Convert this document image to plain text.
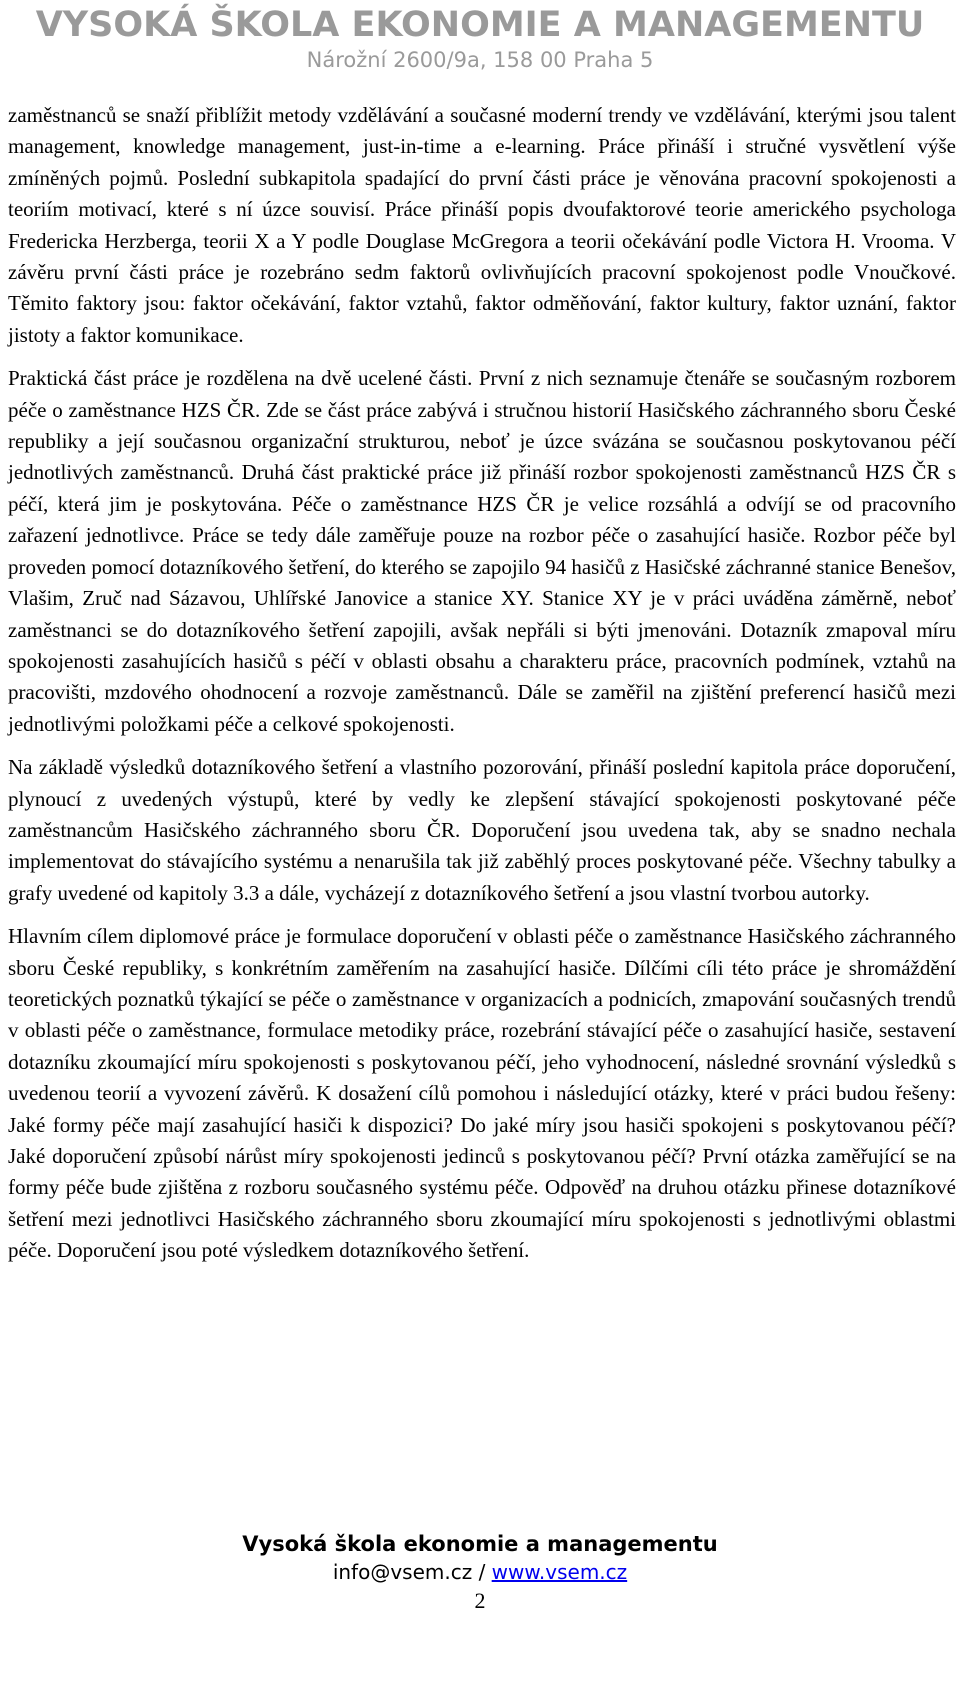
VYSOKÁ ŠKOLA EKONOMIE A MANAGEMENTU
Nárožní 2600/9a, 158 00 Praha 5

zaměstnanců se snaží přiblížit metody vzdělávání a současné moderní trendy ve vzdělávání, kterými jsou talent management, knowledge management, just-in-time a e-learning. Práce přináší i stručné vysvětlení výše zmíněných pojmů. Poslední subkapitola spadající do první části práce je věnována pracovní spokojenosti a teoriím motivací, které s ní úzce souvisí. Práce přináší popis dvoufaktorové teorie amerického psychologa Fredericka Herzberga, teorii X a Y podle Douglase McGregora a teorii očekávání podle Victora H. Vrooma. V závěru první části práce je rozebráno sedm faktorů ovlivňujících pracovní spokojenost podle Vnoučkové. Těmito faktory jsou: faktor očekávání, faktor vztahů, faktor odměňování, faktor kultury, faktor uznání, faktor jistoty a faktor komunikace.

Praktická část práce je rozdělena na dvě ucelené části. První z nich seznamuje čtenáře se současným rozborem péče o zaměstnance HZS ČR. Zde se část práce zabývá i stručnou historií Hasičského záchranného sboru České republiky a její současnou organizační strukturou, neboť je úzce svázána se současnou poskytovanou péčí jednotlivých zaměstnanců. Druhá část praktické práce již přináší rozbor spokojenosti zaměstnanců HZS ČR s péčí, která jim je poskytována. Péče o zaměstnance HZS ČR je velice rozsáhlá a odvíjí se od pracovního zařazení jednotlivce. Práce se tedy dále zaměřuje pouze na rozbor péče o zasahující hasiče. Rozbor péče byl proveden pomocí dotazníkového šetření, do kterého se zapojilo 94 hasičů z Hasičské záchranné stanice Benešov, Vlašim, Zruč nad Sázavou, Uhlířské Janovice a stanice XY. Stanice XY je v práci uváděna záměrně, neboť zaměstnanci se do dotazníkového šetření zapojili, avšak nepřáli si býti jmenováni. Dotazník zmapoval míru spokojenosti zasahujících hasičů s péčí v oblasti obsahu a charakteru práce, pracovních podmínek, vztahů na pracovišti, mzdového ohodnocení a rozvoje zaměstnanců. Dále se zaměřil na zjištění preferencí hasičů mezi jednotlivými položkami péče a celkové spokojenosti.

Na základě výsledků dotazníkového šetření a vlastního pozorování, přináší poslední kapitola práce doporučení, plynoucí z uvedených výstupů, které by vedly ke zlepšení stávající spokojenosti poskytované péče zaměstnancům Hasičského záchranného sboru ČR. Doporučení jsou uvedena tak, aby se snadno nechala implementovat do stávajícího systému a nenarušila tak již zaběhlý proces poskytované péče. Všechny tabulky a grafy uvedené od kapitoly 3.3 a dále, vycházejí z dotazníkového šetření a jsou vlastní tvorbou autorky.

Hlavním cílem diplomové práce je formulace doporučení v oblasti péče o zaměstnance Hasičského záchranného sboru České republiky, s konkrétním zaměřením na zasahující hasiče. Dílčími cíli této práce je shromáždění teoretických poznatků týkající se péče o zaměstnance v organizacích a podnicích, zmapování současných trendů v oblasti péče o zaměstnance, formulace metodiky práce, rozebrání stávající péče o zasahující hasiče, sestavení dotazníku zkoumající míru spokojenosti s poskytovanou péčí, jeho vyhodnocení, následné srovnání výsledků s uvedenou teorií a vyvození závěrů. K dosažení cílů pomohou i následující otázky, které v práci budou řešeny: Jaké formy péče mají zasahující hasiči k dispozici? Do jaké míry jsou hasiči spokojeni s poskytovanou péčí? Jaké doporučení způsobí nárůst míry spokojenosti jedinců s poskytovanou péčí? První otázka zaměřující se na formy péče bude zjištěna z rozboru současného systému péče. Odpověď na druhou otázku přinese dotazníkové šetření mezi jednotlivci Hasičského záchranného sboru zkoumající míru spokojenosti s jednotlivými oblastmi péče. Doporučení jsou poté výsledkem dotazníkového šetření.

Vysoká škola ekonomie a managementu
info@vsem.cz / www.vsem.cz
2
